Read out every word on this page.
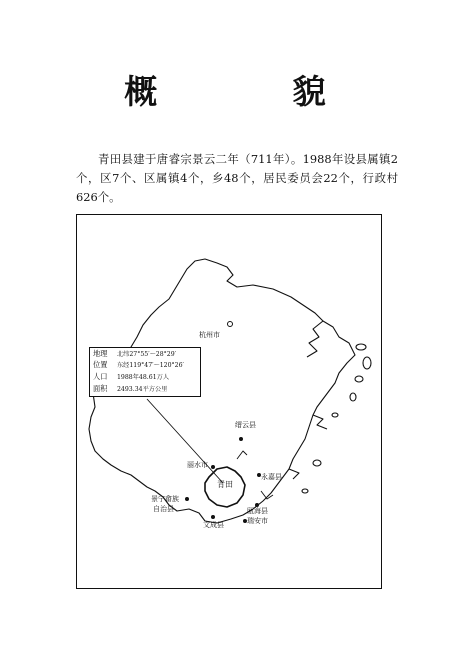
概 貌
青田县建于唐睿宗景云二年（711年）。1988年设县属镇2个，区7个、区属镇4个，乡48个，居民委员会22个，行政村626个。
杭州市
缙云县
丽水市
永嘉县
青田
景宁畲族
自治县
文成县
瓯海县
瑞安市
地理 北纬27°55′～28°29′
位置 东经119°47′～120°26′
人口 1988年48.61万人
面积 2493.34平方公里
